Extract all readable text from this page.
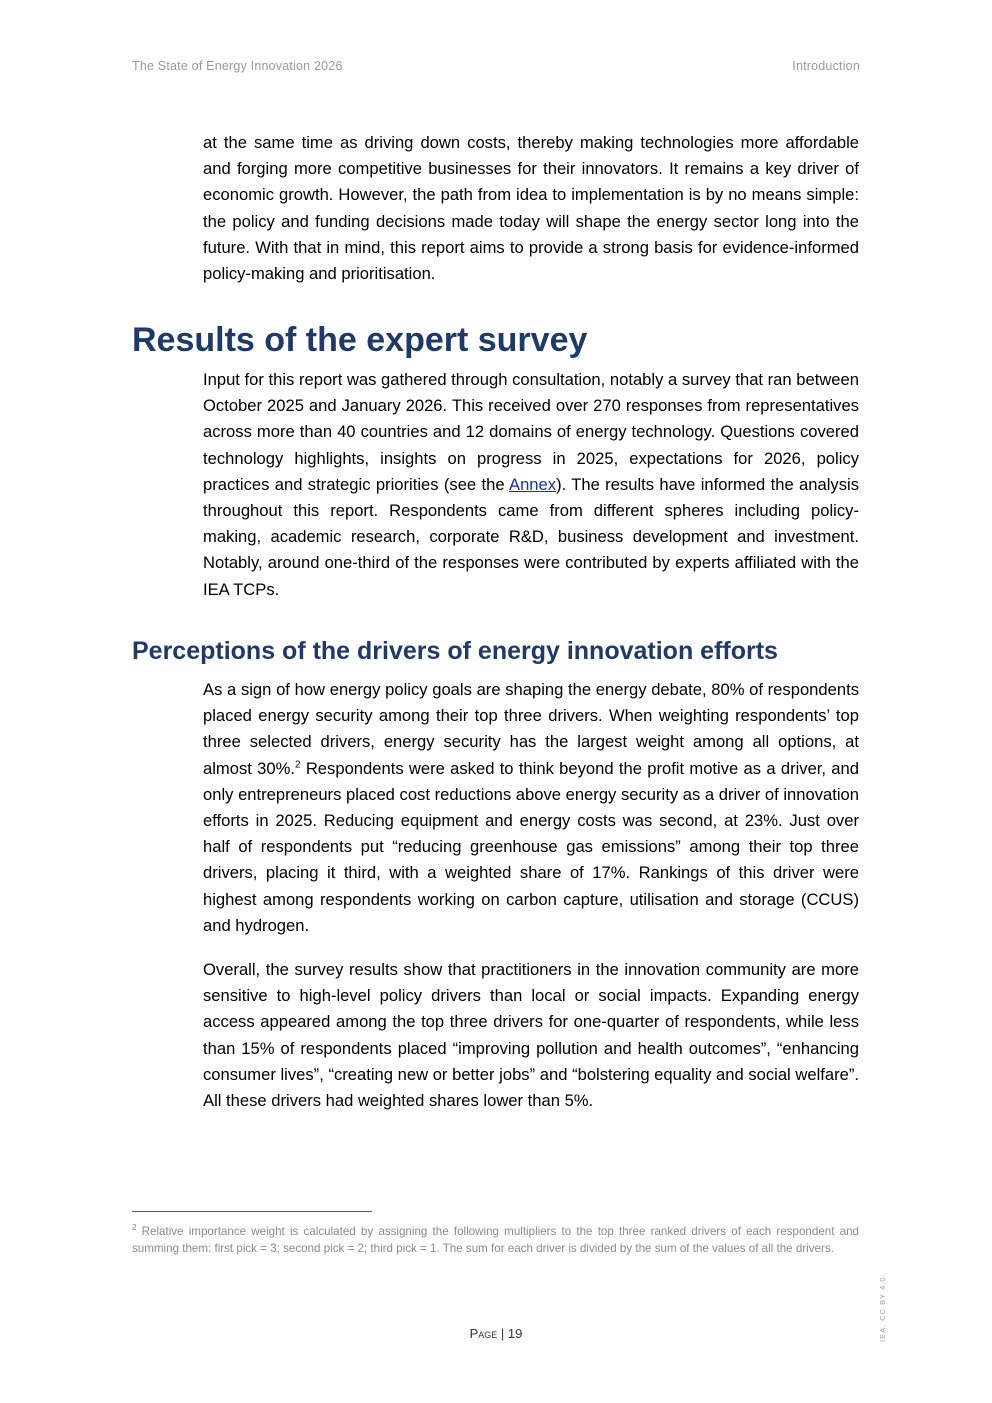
The State of Energy Innovation 2026	Introduction

at the same time as driving down costs, thereby making technologies more affordable and forging more competitive businesses for their innovators. It remains a key driver of economic growth. However, the path from idea to implementation is by no means simple: the policy and funding decisions made today will shape the energy sector long into the future. With that in mind, this report aims to provide a strong basis for evidence-informed policy-making and prioritisation.

Results of the expert survey

Input for this report was gathered through consultation, notably a survey that ran between October 2025 and January 2026. This received over 270 responses from representatives across more than 40 countries and 12 domains of energy technology. Questions covered technology highlights, insights on progress in 2025, expectations for 2026, policy practices and strategic priorities (see the Annex). The results have informed the analysis throughout this report. Respondents came from different spheres including policy-making, academic research, corporate R&D, business development and investment. Notably, around one-third of the responses were contributed by experts affiliated with the IEA TCPs.

Perceptions of the drivers of energy innovation efforts

As a sign of how energy policy goals are shaping the energy debate, 80% of respondents placed energy security among their top three drivers. When weighting respondents’ top three selected drivers, energy security has the largest weight among all options, at almost 30%.$^2$ Respondents were asked to think beyond the profit motive as a driver, and only entrepreneurs placed cost reductions above energy security as a driver of innovation efforts in 2025. Reducing equipment and energy costs was second, at 23%. Just over half of respondents put “reducing greenhouse gas emissions” among their top three drivers, placing it third, with a weighted share of 17%. Rankings of this driver were highest among respondents working on carbon capture, utilisation and storage (CCUS) and hydrogen.

Overall, the survey results show that practitioners in the innovation community are more sensitive to high-level policy drivers than local or social impacts. Expanding energy access appeared among the top three drivers for one-quarter of respondents, while less than 15% of respondents placed “improving pollution and health outcomes”, “enhancing consumer lives”, “creating new or better jobs” and “bolstering equality and social welfare”. All these drivers had weighted shares lower than 5%.

$^2$ Relative importance weight is calculated by assigning the following multipliers to the top three ranked drivers of each respondent and summing them: first pick = 3; second pick = 2; third pick = 1. The sum for each driver is divided by the sum of the values of all the drivers.
Page | 19	IEA. CC BY 4.0.
